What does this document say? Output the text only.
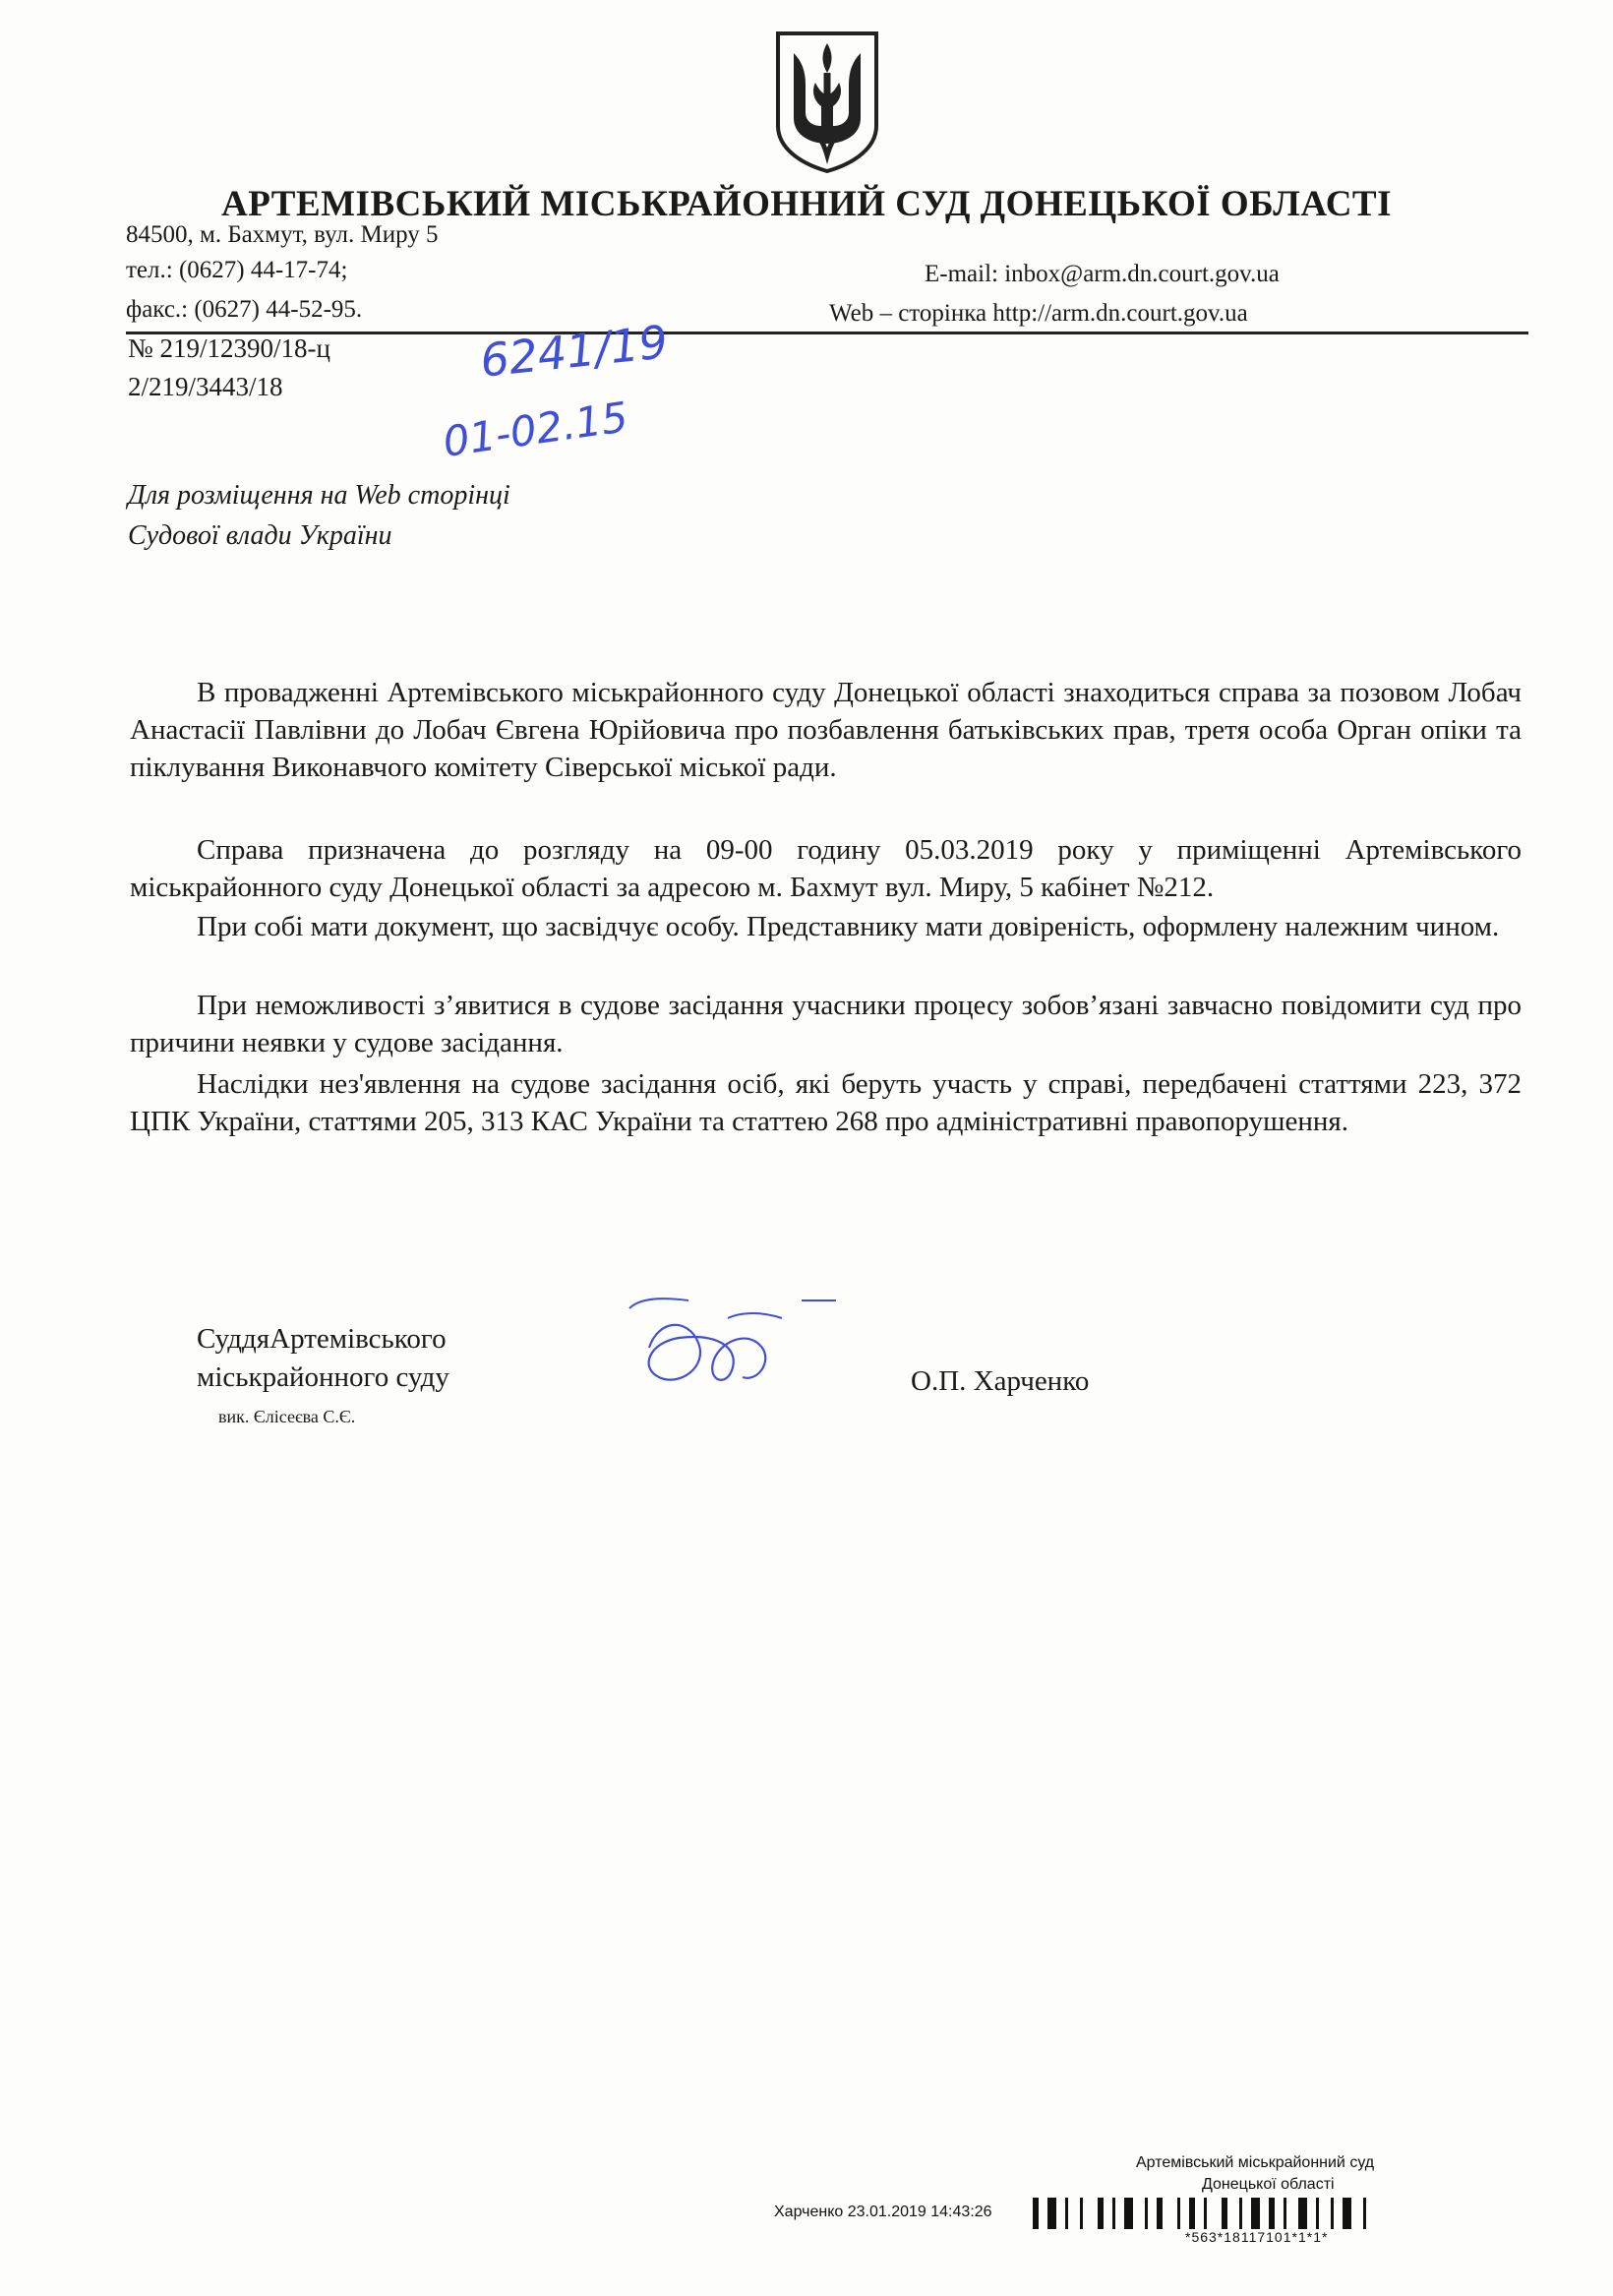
АРТЕМІВСЬКИЙ МІСЬКРАЙОННИЙ СУД ДОНЕЦЬКОЇ ОБЛАСТІ
84500, м. Бахмут, вул. Миру 5
тел.: (0627) 44-17-74;
факс.: (0627) 44-52-95.
E-mail: inbox@arm.dn.court.gov.ua
Web – сторінка http://arm.dn.court.gov.ua
№ 219/12390/18-ц
2/219/3443/18	6241/19
01-02.15
Для розміщення на Web сторінці
Судової влади України
В провадженні Артемівського міськрайонного суду Донецької області знаходиться справа за позовом Лобач Анастасії Павлівни до Лобач Євгена Юрійовича про позбавлення батьківських прав, третя особа Орган опіки та піклування Виконавчого комітету Сіверської міської ради.
Справа призначена до розгляду на 09-00 годину 05.03.2019 року у приміщенні Артемівського міськрайонного суду Донецької області за адресою м. Бахмут вул. Миру, 5 кабінет №212.
При собі мати документ, що засвідчує особу. Представнику мати довіреність, оформлену належним чином.
При неможливості з’явитися в судове засідання учасники процесу зобов’язані завчасно повідомити суд про причини неявки у судове засідання.
Наслідки нез'явлення на судове засідання осіб, які беруть участь у справі, передбачені статтями 223, 372 ЦПК України, статтями 205, 313 КАС України та статтею 268 про адміністративні правопорушення.
СуддяАртемівського
міськрайонного суду
вик. Єлісеєва С.Є.
О.П. Харченко
Артемівський міськрайонний суд
Донецької області
Харченко 23.01.2019 14:43:26
*563*18117101*1*1*
